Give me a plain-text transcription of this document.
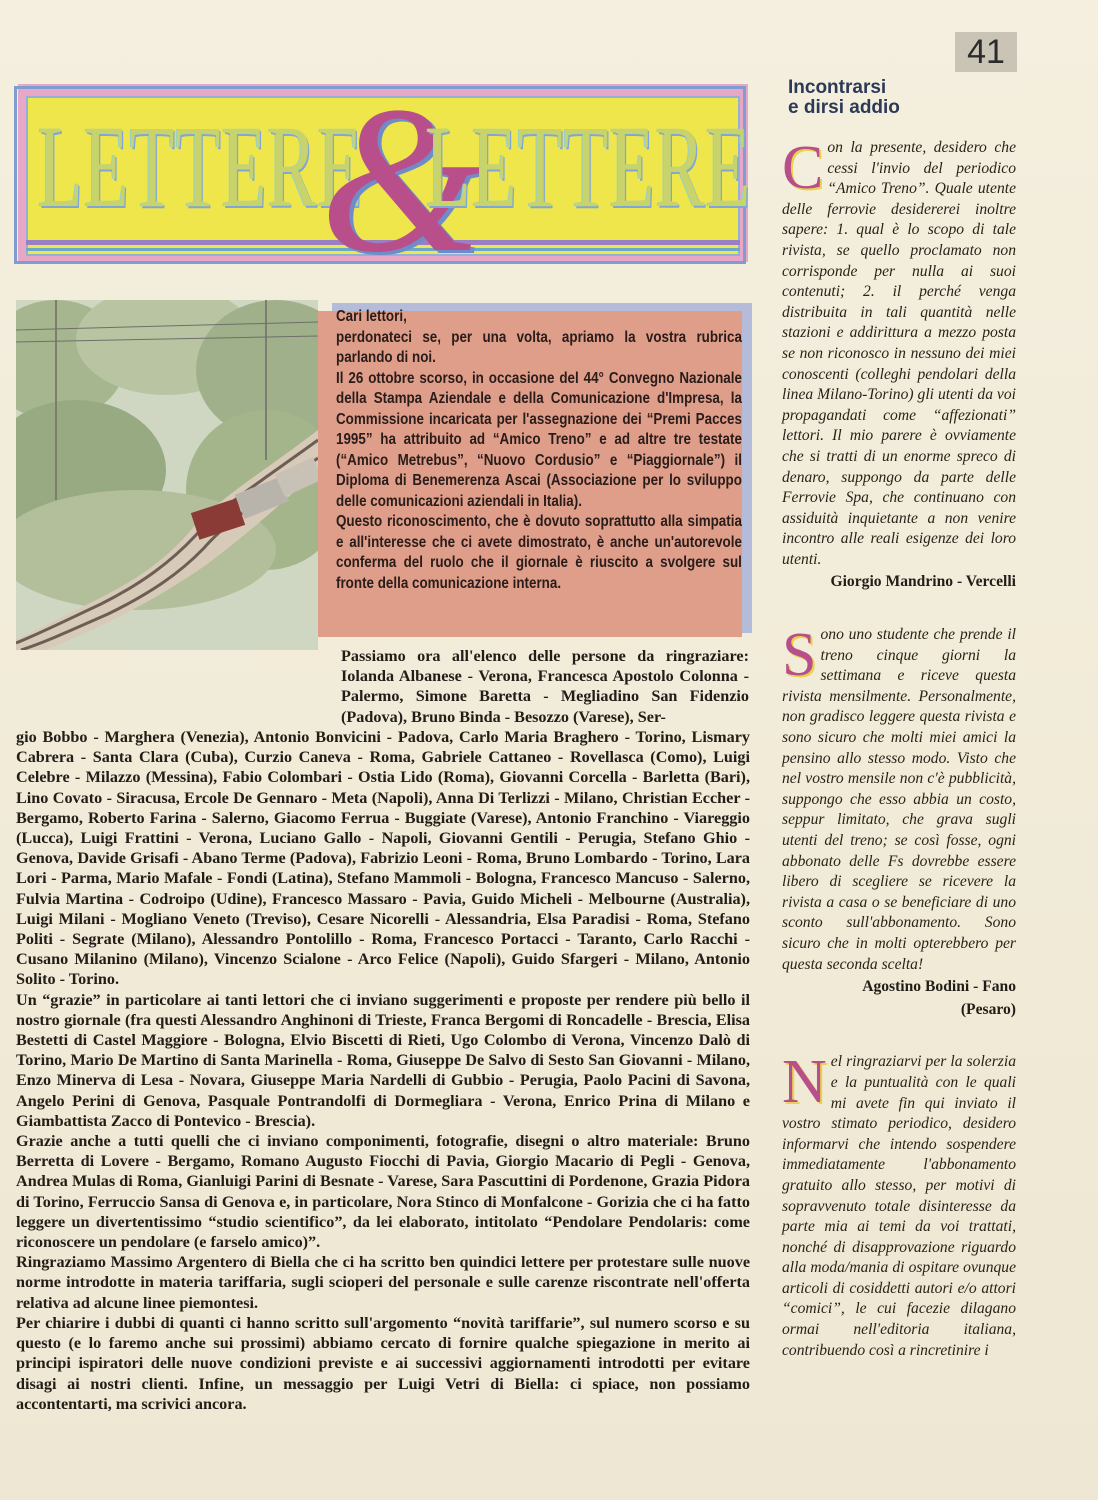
41
LETTERE
&
LETTERE

Cari lettori,

perdonateci se, per una volta, apriamo la vostra rubrica parlando di noi.

Il 26 ottobre scorso, in occasione del 44° Convegno Nazionale della Stampa Aziendale e della Comunicazione d'Impresa, la Commissione incaricata per l'assegnazione dei “Premi Pacces 1995” ha attribuito ad “Amico Treno” e ad altre tre testate (“Amico Metrebus”, “Nuovo Cordusio” e “Piaggiornale”) il Diploma di Benemerenza Ascai (Associazione per lo sviluppo delle comunicazioni aziendali in Italia).

Questo riconoscimento, che è dovuto soprattutto alla simpatia e all'interesse che ci avete dimostrato, è anche un'autorevole conferma del ruolo che il giornale è riuscito a svolgere sul fronte della comunicazione interna.

Passiamo ora all'elenco delle persone da ringraziare: Iolanda Albanese - Verona, Francesca Apostolo Colonna - Palermo, Simone Baretta - Megliadino San Fidenzio (Padova), Bruno Binda - Besozzo (Varese), Ser-

gio Bobbo - Marghera (Venezia), Antonio Bonvicini - Padova, Carlo Maria Braghero - Torino, Lismary Cabrera - Santa Clara (Cuba), Curzio Caneva - Roma, Gabriele Cattaneo - Rovellasca (Como), Luigi Celebre - Milazzo (Messina), Fabio Colombari - Ostia Lido (Roma), Giovanni Corcella - Barletta (Bari), Lino Covato - Siracusa, Ercole De Gennaro - Meta (Napoli), Anna Di Terlizzi - Milano, Christian Eccher - Bergamo, Roberto Farina - Salerno, Giacomo Ferrua - Buggiate (Varese), Antonio Franchino - Viareggio (Lucca), Luigi Frattini - Verona, Luciano Gallo - Napoli, Giovanni Gentili - Perugia, Stefano Ghio - Genova, Davide Grisafi - Abano Terme (Padova), Fabrizio Leoni - Roma, Bruno Lombardo - Torino, Lara Lori - Parma, Mario Mafale - Fondi (Latina), Stefano Mammoli - Bologna, Francesco Mancuso - Salerno, Fulvia Martina - Codroipo (Udine), Francesco Massaro - Pavia, Guido Micheli - Melbourne (Australia), Luigi Milani - Mogliano Veneto (Treviso), Cesare Nicorelli - Alessandria, Elsa Paradisi - Roma, Stefano Politi - Segrate (Milano), Alessandro Pontolillo - Roma, Francesco Portacci - Taranto, Carlo Racchi - Cusano Milanino (Milano), Vincenzo Scialone - Arco Felice (Napoli), Guido Sfargeri - Milano, Antonio Solito - Torino.

Un “grazie” in particolare ai tanti lettori che ci inviano suggerimenti e proposte per rendere più bello il nostro giornale (fra questi Alessandro Anghinoni di Trieste, Franca Bergomi di Roncadelle - Brescia, Elisa Bestetti di Castel Maggiore - Bologna, Elvio Biscetti di Rieti, Ugo Colombo di Verona, Vincenzo Dalò di Torino, Mario De Martino di Santa Marinella - Roma, Giuseppe De Salvo di Sesto San Giovanni - Milano, Enzo Minerva di Lesa - Novara, Giuseppe Maria Nardelli di Gubbio - Perugia, Paolo Pacini di Savona, Angelo Perini di Genova, Pasquale Pontrandolfi di Dormegliara - Verona, Enrico Prina di Milano e Giambattista Zacco di Pontevico - Brescia).

Grazie anche a tutti quelli che ci inviano componimenti, fotografie, disegni o altro materiale: Bruno Berretta di Lovere - Bergamo, Romano Augusto Fiocchi di Pavia, Giorgio Macario di Pegli - Genova, Andrea Mulas di Roma, Gianluigi Parini di Besnate - Varese, Sara Pascuttini di Pordenone, Grazia Pidora di Torino, Ferruccio Sansa di Genova e, in particolare, Nora Stinco di Monfalcone - Gorizia che ci ha fatto leggere un divertentissimo “studio scientifico”, da lei elaborato, intitolato “Pendolare Pendolaris: come riconoscere un pendolare (e farselo amico)”.

Ringraziamo Massimo Argentero di Biella che ci ha scritto ben quindici lettere per protestare sulle nuove norme introdotte in materia tariffaria, sugli scioperi del personale e sulle carenze riscontrate nell'offerta relativa ad alcune linee piemontesi.

Per chiarire i dubbi di quanti ci hanno scritto sull'argomento “novità tariffarie”, sul numero scorso e su questo (e lo faremo anche sui prossimi) abbiamo cercato di fornire qualche spiegazione in merito ai principi ispiratori delle nuove condizioni previste e ai successivi aggiornamenti introdotti per evitare disagi ai nostri clienti. Infine, un messaggio per Luigi Vetri di Biella: ci spiace, non possiamo accontentarti, ma scrivici ancora.

Incontrarsi
e dirsi addio
C on la presente, desidero che cessi l'invio del periodico “Amico Treno”. Quale utente delle ferrovie desidererei inoltre sapere: 1. qual è lo scopo di tale rivista, se quello proclamato non corrisponde per nulla ai suoi contenuti; 2. il perché venga distribuita in tali quantità nelle stazioni e addirittura a mezzo posta se non riconosco in nessuno dei miei conoscenti (colleghi pendolari della linea Milano-Torino) gli utenti da voi propagandati come “affezionati” lettori. Il mio parere è ovviamente che si tratti di un enorme spreco di denaro, suppongo da parte delle Ferrovie Spa, che continuano con assiduità inquietante a non venire incontro alle reali esigenze dei loro utenti.

Giorgio Mandrino - Vercelli
S ono uno studente che prende il treno cinque giorni la settimana e riceve questa rivista mensilmente. Personalmente, non gradisco leggere questa rivista e sono sicuro che molti miei amici la pensino allo stesso modo. Visto che nel vostro mensile non c'è pubblicità, suppongo che esso abbia un costo, seppur limitato, che grava sugli utenti del treno; se così fosse, ogni abbonato delle Fs dovrebbe essere libero di scegliere se ricevere la rivista a casa o se beneficiare di uno sconto sull'abbonamento. Sono sicuro che in molti opterebbero per questa seconda scelta!

Agostino Bodini - Fano
(Pesaro)
N el ringraziarvi per la solerzia e la puntualità con le quali mi avete fin qui inviato il vostro stimato periodico, desidero informarvi che intendo sospendere immediatamente l'abbonamento gratuito allo stesso, per motivi di sopravvenuto totale disinteresse da parte mia ai temi da voi trattati, nonché di disapprovazione riguardo alla moda/mania di ospitare ovunque articoli di cosiddetti autori e/o attori “comici”, le cui facezie dilagano ormai nell'editoria italiana, contribuendo così a rincretinire i
